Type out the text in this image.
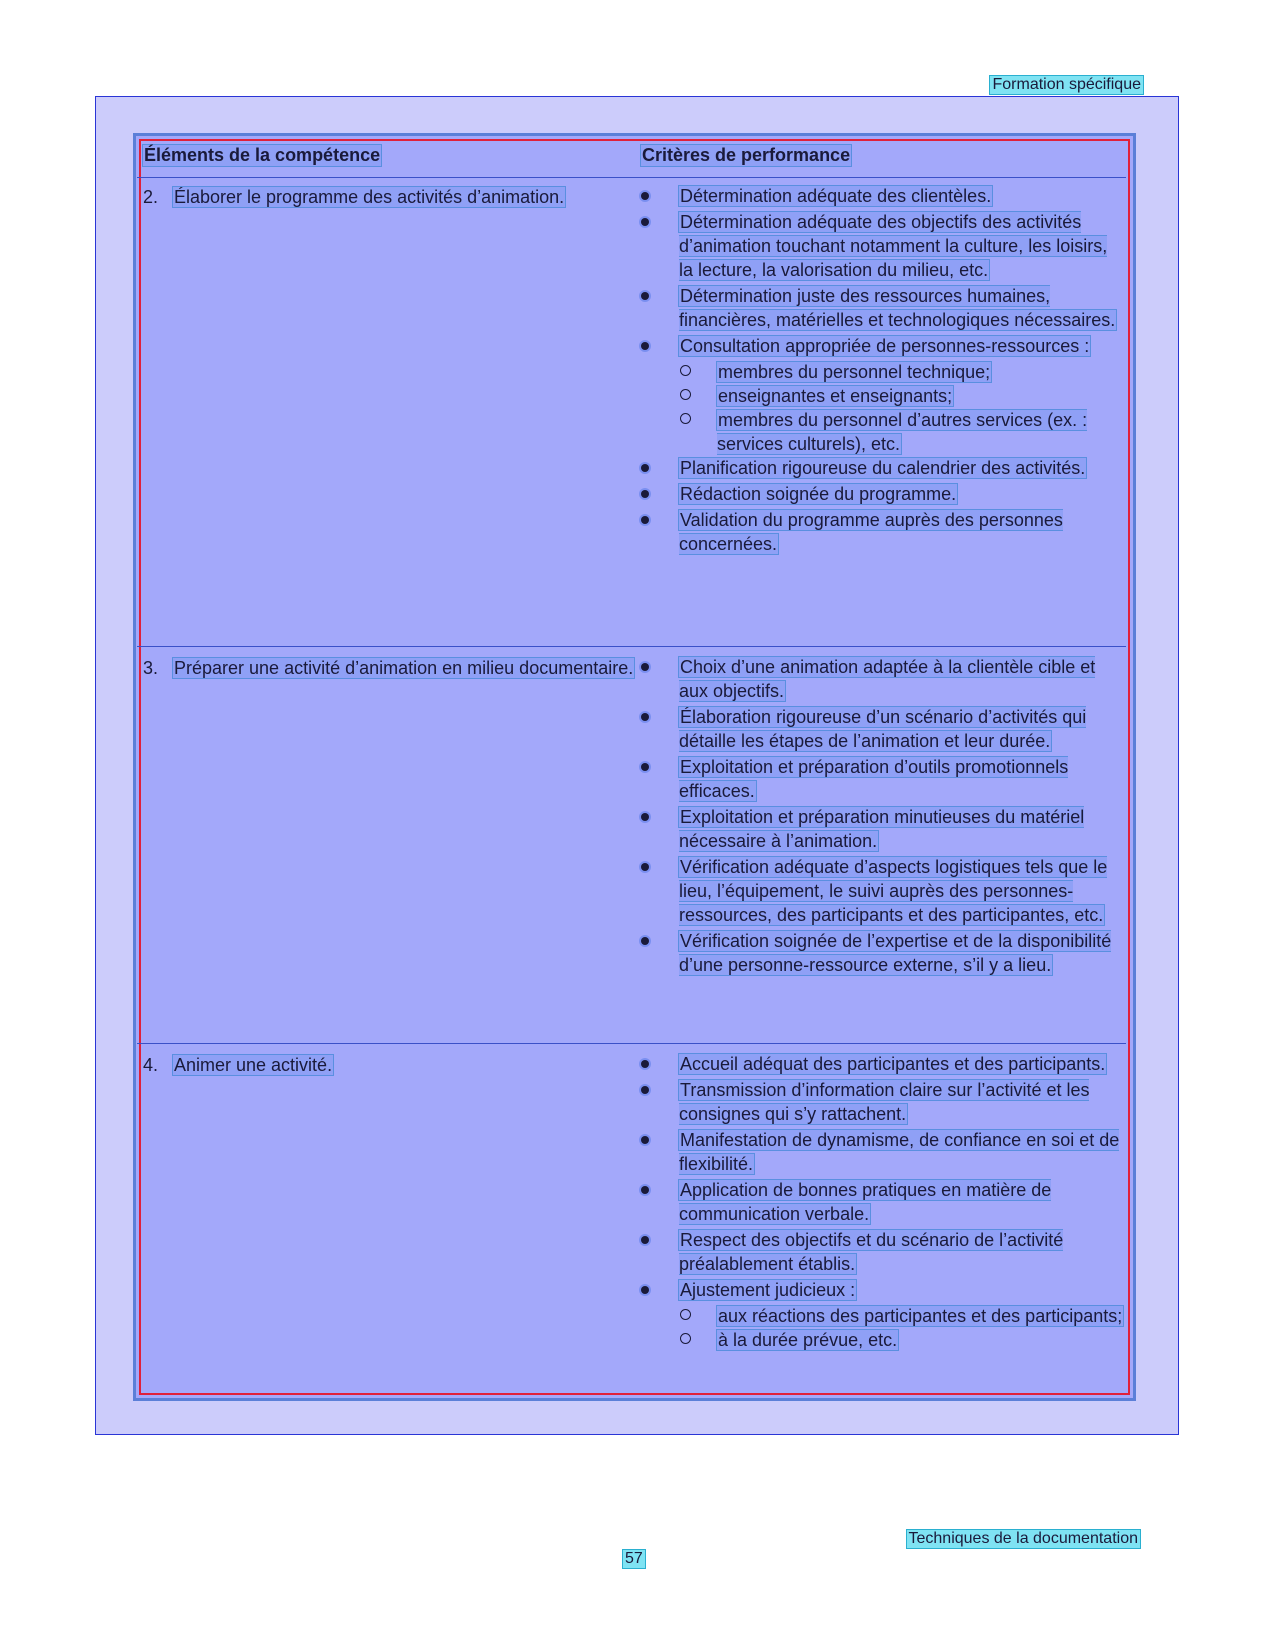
Formation spécifique
Éléments de la compétence	Critères de performance
2. Élaborer le programme des activités d’animation.	Détermination adéquate des clientèles.
Détermination adéquate des objectifs des activités d’animation touchant notamment la culture, les loisirs, la lecture, la valorisation du milieu, etc.
Détermination juste des ressources humaines, financières, matérielles et technologiques nécessaires.
Consultation appropriée de personnes-ressources :
membres du personnel technique;
enseignantes et enseignants;
membres du personnel d’autres services (ex. : services culturels), etc.
Planification rigoureuse du calendrier des activités.
Rédaction soignée du programme.
Validation du programme auprès des personnes concernées.
3. Préparer une activité d’animation en milieu documentaire.	Choix d’une animation adaptée à la clientèle cible et aux objectifs.
Élaboration rigoureuse d’un scénario d’activités qui détaille les étapes de l’animation et leur durée.
Exploitation et préparation d’outils promotionnels efficaces.
Exploitation et préparation minutieuses du matériel nécessaire à l’animation.
Vérification adéquate d’aspects logistiques tels que le lieu, l’équipement, le suivi auprès des personnes-ressources, des participants et des participantes, etc.
Vérification soignée de l’expertise et de la disponibilité d’une personne-ressource externe, s’il y a lieu.
4. Animer une activité.	Accueil adéquat des participantes et des participants.
Transmission d’information claire sur l’activité et les consignes qui s’y rattachent.
Manifestation de dynamisme, de confiance en soi et de flexibilité.
Application de bonnes pratiques en matière de communication verbale.
Respect des objectifs et du scénario de l’activité préalablement établis.
Ajustement judicieux :
aux réactions des participantes et des participants;
à la durée prévue, etc.
Techniques de la documentation
57
